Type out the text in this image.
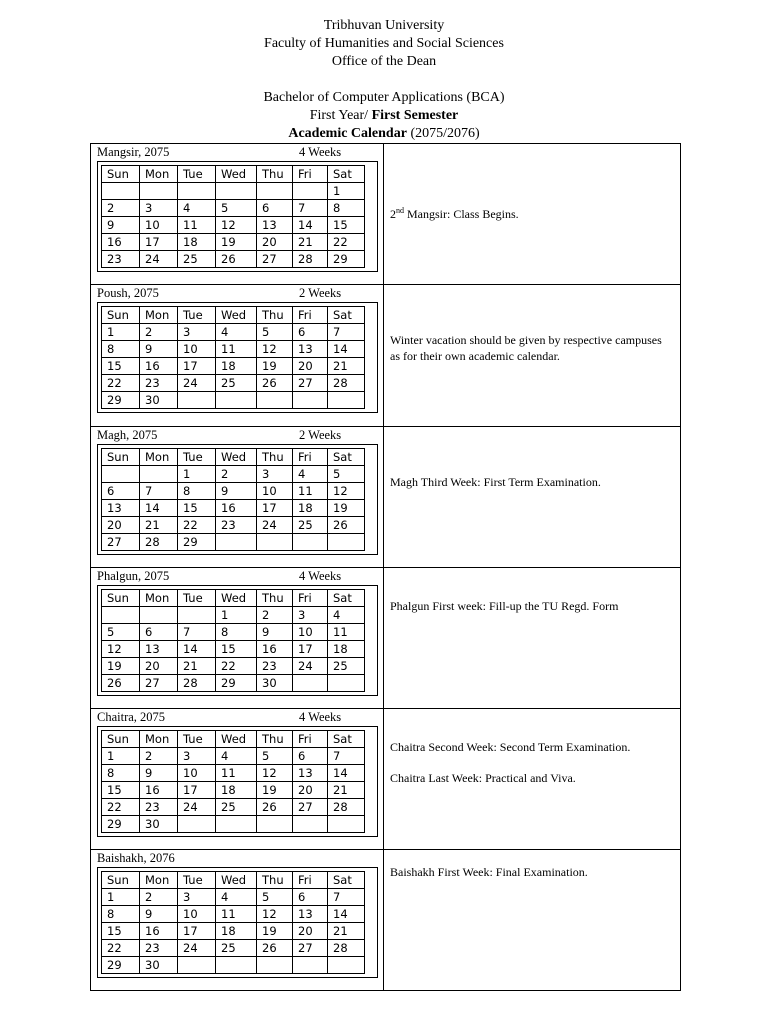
Tribhuvan University
Faculty of Humanities and Social Sciences
Office of the Dean
Bachelor of Computer Applications (BCA)
First Year/ First Semester
Academic Calendar (2075/2076)
Mangsir, 2075	4 Weeks
Sun	Mon	Tue	Wed	Thu	Fri	Sat
						1
2	3	4	5	6	7	8
9	10	11	12	13	14	15
16	17	18	19	20	21	22
23	24	25	26	27	28	29
2nd Mangsir: Class Begins.
Poush, 2075	2 Weeks
Sun	Mon	Tue	Wed	Thu	Fri	Sat
1	2	3	4	5	6	7
8	9	10	11	12	13	14
15	16	17	18	19	20	21
22	23	24	25	26	27	28
29	30					
Winter vacation should be given by respective campuses as for their own academic calendar.
Magh, 2075	2 Weeks
Sun	Mon	Tue	Wed	Thu	Fri	Sat
		1	2	3	4	5
6	7	8	9	10	11	12
13	14	15	16	17	18	19
20	21	22	23	24	25	26
27	28	29				
Magh Third Week: First Term Examination.
Phalgun, 2075	4 Weeks
Sun	Mon	Tue	Wed	Thu	Fri	Sat
			1	2	3	4
5	6	7	8	9	10	11
12	13	14	15	16	17	18
19	20	21	22	23	24	25
26	27	28	29	30		
Phalgun First week: Fill-up the TU Regd. Form
Chaitra, 2075	4 Weeks
Sun	Mon	Tue	Wed	Thu	Fri	Sat
1	2	3	4	5	6	7
8	9	10	11	12	13	14
15	16	17	18	19	20	21
22	23	24	25	26	27	28
29	30					
Chaitra Second Week: Second Term Examination.
Chaitra Last Week: Practical and Viva.
Baishakh, 2076
Sun	Mon	Tue	Wed	Thu	Fri	Sat
1	2	3	4	5	6	7
8	9	10	11	12	13	14
15	16	17	18	19	20	21
22	23	24	25	26	27	28
29	30					
Baishakh First Week: Final Examination.
